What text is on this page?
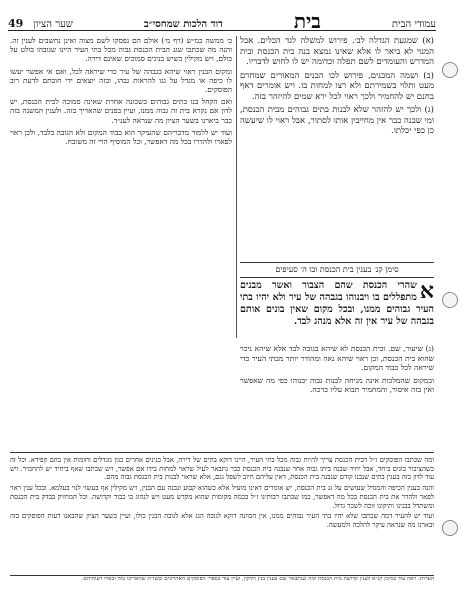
49 שער הציון	דוד הלכות שמחסי״ב	בית	עמודי הבית

(א) שמגעת הגדלה לב׳. פירוש למשלה לגד הכלים. אבל המנוי לא ביאר לו אלא שאינו נמצא בנה בית הכנסת ובית המדרש והעומדים לשם תפלה וכדומה יש לו לחוש לדבריו.

(ב) ושמה המכנים, פירוש לכו הבנים המאורים שמחרם מעט ותלוי בשמירתם ולא רצו למחות בו. ויש אומרים דאף בחנם יש להחמיר ולכך ראוי לכל ירא שמים להיזהר בזה.

(ג) ולכך יש להזהר שלא לבנות בתים גבוהים מבית הכנסת, ומי שבנה כבר אין מחייבין אותו לסתור, אבל ראוי לו שיעשה כן כפי יכלתו.

ב׳ ממשה כמ״ש (דף מ׳) אולם הם נפסקו לשם מצוה ואינן נחשבים לענין זה. והנה מה שכתבו שגג הבית הכנסת גבוה מכל בתי העיר היינו שגובהו בולט על כולם, ויש מקילין כשיש בנינים סמוכים שאינם דירה.

ומקום הבנין ראוי שיהא בגבהה של עיר כדי שיראה לכל, ואם אי אפשר יעשו לו כיפה או מגדל על גגו להראות גבהו, ובזה יוצאים ידי חובתם לדעת רוב הפוסקים.

ואם הקהל בנו בתים גבוהים בשכונה אחרת שאינה סמוכה לבית הכנסת, יש לדון אם נקרא בית זה גבוה ממנו, ועיין בפנים שהאריך בזה. ולענין המשנה בזה כבר ביארנו בשער הציון מה שנראה לענ״ד.

ועוד יש ללמוד מדבריהם שהעיקר הוא כבוד המקום ולא הגובה בלבד, ולכן ראוי לפארו ולהדרו בכל מה דאפשר, וכל המוסיף הרי זה משובח.

סימן קנ׳ בענין בית הכנסת ובו ה׳ סעיפים
א
שהרי הכנסת שהם הצבור ואשר מבנים מתפללים בו ויבנוהו בגבהה של עיר ולא יהיו בתי העיר גבוהים ממנו, ובכל מקום שאין בונים אותם בגבהה של עיר אין זה אלא מנהג לבד.

(ג) שיעור, שם. ובית הכנסת לא שיהא בגובה לבד אלא שיהא ניכר שהוא בית הכנסת, וכן ראוי שיהא נאה ומהודר יותר מבתי העיר כדי שיראה לכל כבוד המקום.

ובמקום שהמלכות אינה מניחה לבנות גבוה יבנוהו כפי מה שאפשר ואין בזה איסור, והמחמיר תבוא עליו ברכה.

ומה שכתבו הפוסקים ז״ל דבית הכנסת צריך להיות גבוה מכל בתי העיר, היינו דוקא בתים של דירה, אבל בנינים אחרים כגון מגדלים וחומות אין בהם קפידא. וכל זה כשהציבור בונים ביחד, אבל יחיד שבנה ביתו גבוה אחר שנבנה בית הכנסת כבר נתבאר לעיל שראוי למחות בידו אם אפשר, ויש שכתבו שאף ביחיד יש להחמיר. ויש עוד לדון בזה בענין בתים שנבנו קודם שנבנה בית הכנסת, דאין עליהם חיוב לשפל גגם, אלא שראוי לבנות בית הכנסת גבוה מהם.

והנה בענין הכיפה והמגדל שעושים על גג בית הכנסת, יש אומרים דאינו מועיל אלא כשהוא קבוע ונבנה עם הבנין, ויש מקילין אף בעשוי לנוי בעלמא. ובכל ענין ראוי לפאר ולהדר את בית הכנסת בכל מה דאפשר, כמו שכתבו רבותינו ז״ל בכמה מקומות שהוא מקדש מעט ויש לנהוג בו כבוד וקדושה. וכל המחזיק בבדק בית הכנסת ומשתדל בבנינו ותיקונו זוכה לשכר גדול.

ועוד יש להעיר דמה שכתבו שלא יהיו בתי העיר גבוהים ממנו, אין הכוונה דוקא לגובה הגג אלא לגובה הבנין כולו, ועיין בשער הציון שהבאנו דעות הפוסקים בזה ובארנו מה שנראה עיקר להלכה ולמעשה.

הערות: ראה עוד בסימן קנ״א לענין קדושת בית הכנסת ומה שנתבאר שם בענין בנין ותיקון, ועיין עוד בספרי הפוסקים האחרונים ובשו״ת שהאריכו בזה ובארו דעותיהם.
